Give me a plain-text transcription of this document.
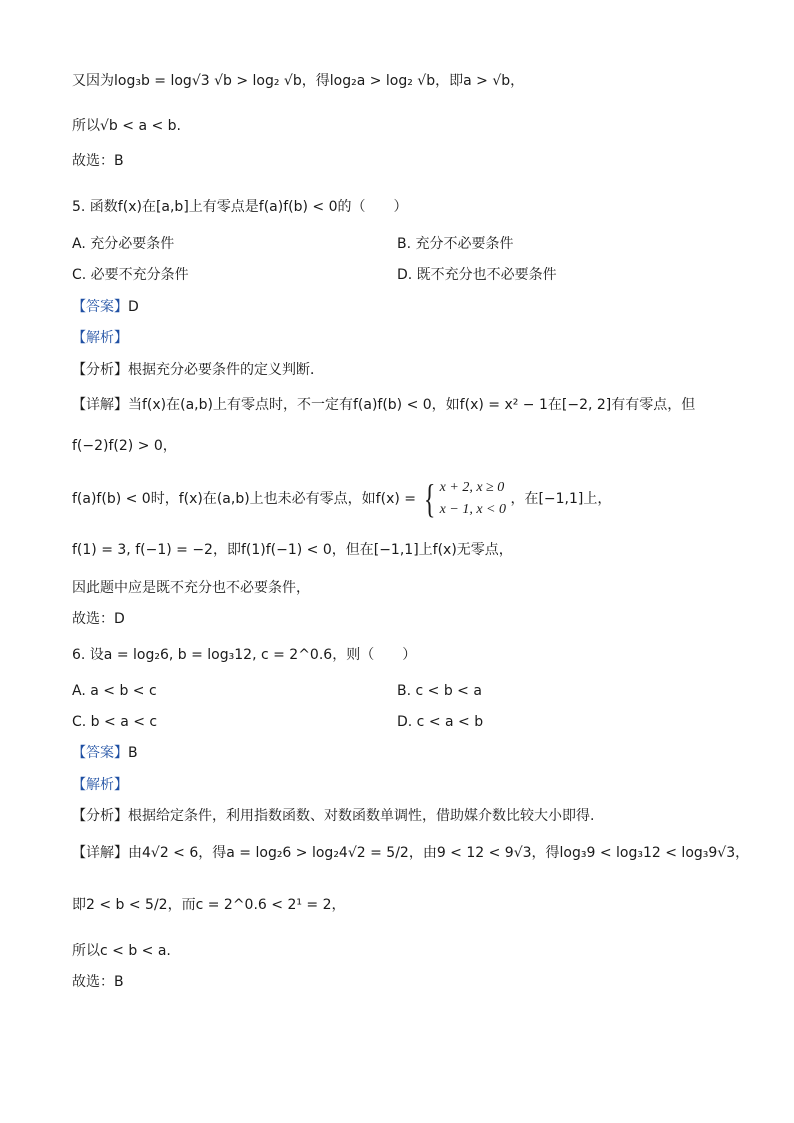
又因为log₃b = log√3 √b > log₂ √b，得log₂a > log₂ √b，即a > √b，
所以√b < a < b.
故选：B
5. 函数f(x)在[a,b]上有零点是f(a)f(b) < 0的（　　）
A. 充分必要条件	B. 充分不必要条件
C. 必要不充分条件	D. 既不充分也不必要条件
【答案】D
【解析】
【分析】根据充分必要条件的定义判断．
【详解】当f(x)在(a,b)上有零点时，不一定有f(a)f(b) < 0，如f(x) = x² − 1在[−2, 2]有有零点，但
f(−2)f(2) > 0，
f(a)f(b) < 0时，f(x)在(a,b)上也未必有零点，如f(x) = { x + 2, x ≥ 0
x − 1, x < 0 ，在[−1,1]上，
f(1) = 3, f(−1) = −2，即f(1)f(−1) < 0，但在[−1,1]上f(x)无零点，
因此题中应是既不充分也不必要条件，
故选：D
6. 设a = log₂6, b = log₃12, c = 2^0.6，则（　　）
A. a < b < c	B. c < b < a
C. b < a < c	D. c < a < b
【答案】B
【解析】
【分析】根据给定条件，利用指数函数、对数函数单调性，借助媒介数比较大小即得.
【详解】由4√2 < 6，得a = log₂6 > log₂4√2 = 5/2，由9 < 12 < 9√3，得log₃9 < log₃12 < log₃9√3，
即2 < b < 5/2，而c = 2^0.6 < 2¹ = 2，
所以c < b < a.
故选：B
